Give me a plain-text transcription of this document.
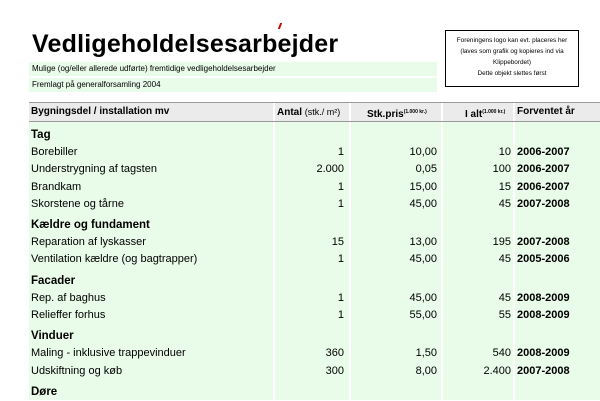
Vedligeholdelsesarbejder
Mulige (og/eller allerede udførte) fremtidige vedligeholdelsesarbejder
Fremlagt på generalforsamling 2004
Foreningens logo kan evt. placeres her
(laves som grafik og kopieres ind via
Klippebordet)
Dette objekt slettes først
Bygningsdel / installation mv	Antal (stk./ m²)	Stk.pris$^{(1.000 kr.)}$	I alt$^{(1.000 kr.)}$	Forventet år
Tag
Borebiller	1	10,00	10 2006-2007
Understrygning af tagsten	2.000	0,05	100 2006-2007
Brandkam	1	15,00	15 2006-2007
Skorstene og tårne	1	45,00	45 2007-2008
Kældre og fundament
Reparation af lyskasser	15	13,00	195 2007-2008
Ventilation kældre (og bagtrapper)	1	45,00	45 2005-2006
Facader
Rep. af baghus	1	45,00	45 2008-2009
Relieffer forhus	1	55,00	55 2008-2009
Vinduer
Maling - inklusive trappevinduer	360	1,50	540 2008-2009
Udskiftning og køb	300	8,00	2.400 2007-2008
Døre
